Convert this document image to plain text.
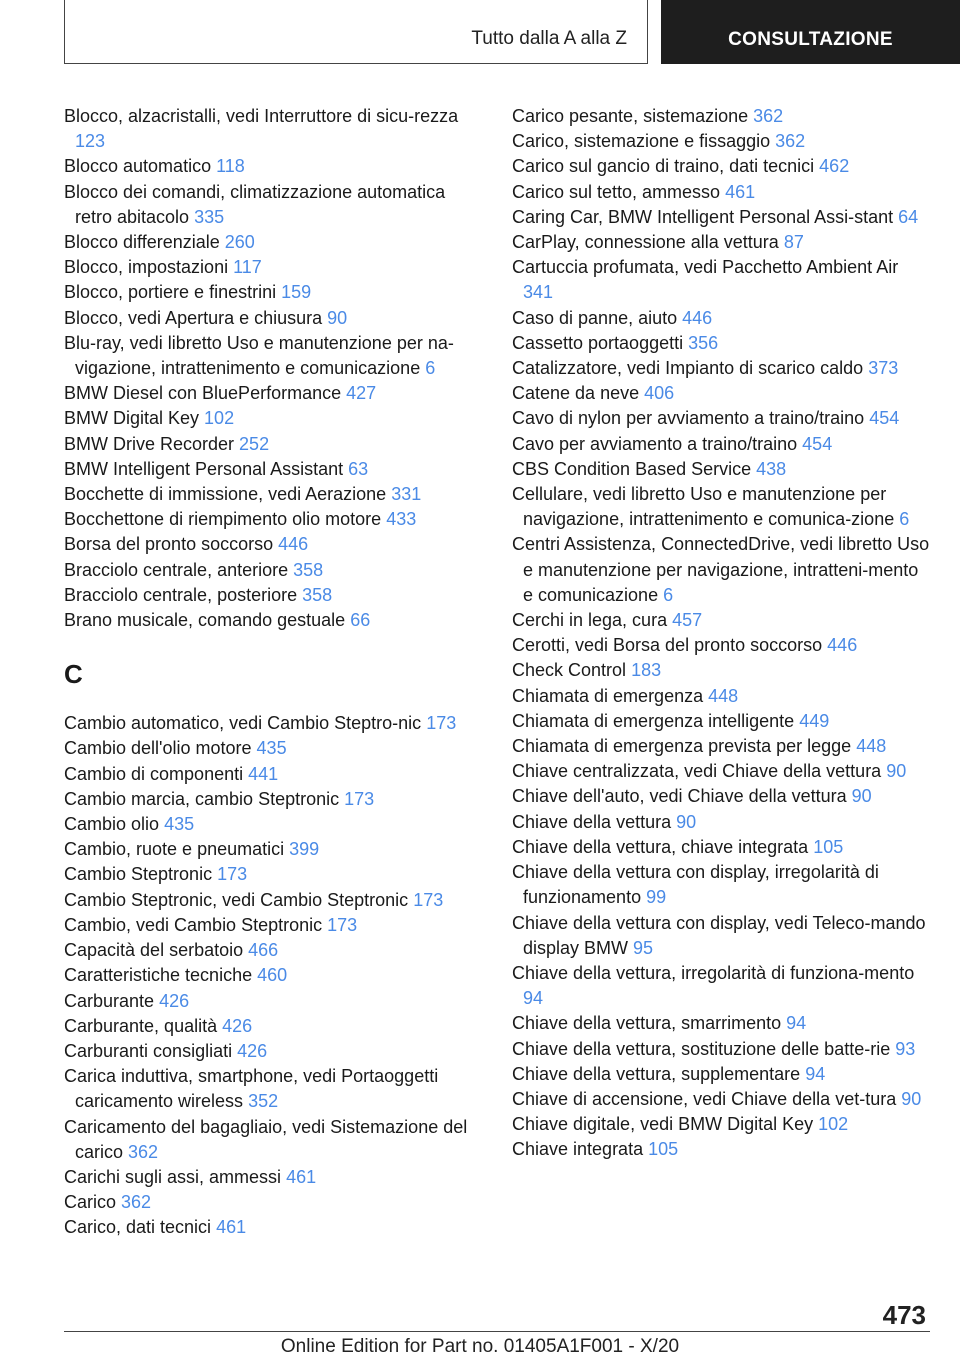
Tutto dalla A alla Z	CONSULTAZIONE

Blocco, alzacristalli, vedi Interruttore di sicu-rezza 123

Blocco automatico 118

Blocco dei comandi, climatizzazione automatica retro abitacolo 335

Blocco differenziale 260

Blocco, impostazioni 117

Blocco, portiere e finestrini 159

Blocco, vedi Apertura e chiusura 90

Blu-ray, vedi libretto Uso e manutenzione per na-vigazione, intrattenimento e comunicazione 6

BMW Diesel con BluePerformance 427

BMW Digital Key 102

BMW Drive Recorder 252

BMW Intelligent Personal Assistant 63

Bocchette di immissione, vedi Aerazione 331

Bocchettone di riempimento olio motore 433

Borsa del pronto soccorso 446

Bracciolo centrale, anteriore 358

Bracciolo centrale, posteriore 358

Brano musicale, comando gestuale 66

C

Cambio automatico, vedi Cambio Steptro-nic 173

Cambio dell'olio motore 435

Cambio di componenti 441

Cambio marcia, cambio Steptronic 173

Cambio olio 435

Cambio, ruote e pneumatici 399

Cambio Steptronic 173

Cambio Steptronic, vedi Cambio Steptronic 173

Cambio, vedi Cambio Steptronic 173

Capacità del serbatoio 466

Caratteristiche tecniche 460

Carburante 426

Carburante, qualità 426

Carburanti consigliati 426

Carica induttiva, smartphone, vedi Portaoggetti caricamento wireless 352

Caricamento del bagagliaio, vedi Sistemazione del carico 362

Carichi sugli assi, ammessi 461

Carico 362

Carico, dati tecnici 461

Carico pesante, sistemazione 362

Carico, sistemazione e fissaggio 362

Carico sul gancio di traino, dati tecnici 462

Carico sul tetto, ammesso 461

Caring Car, BMW Intelligent Personal Assi-stant 64

CarPlay, connessione alla vettura 87

Cartuccia profumata, vedi Pacchetto Ambient Air 341

Caso di panne, aiuto 446

Cassetto portaoggetti 356

Catalizzatore, vedi Impianto di scarico caldo 373

Catene da neve 406

Cavo di nylon per avviamento a traino/traino 454

Cavo per avviamento a traino/traino 454

CBS Condition Based Service 438

Cellulare, vedi libretto Uso e manutenzione per navigazione, intrattenimento e comunica-zione 6

Centri Assistenza, ConnectedDrive, vedi libretto Uso e manutenzione per navigazione, intratteni-mento e comunicazione 6

Cerchi in lega, cura 457

Cerotti, vedi Borsa del pronto soccorso 446

Check Control 183

Chiamata di emergenza 448

Chiamata di emergenza intelligente 449

Chiamata di emergenza prevista per legge 448

Chiave centralizzata, vedi Chiave della vettura 90

Chiave dell'auto, vedi Chiave della vettura 90

Chiave della vettura 90

Chiave della vettura, chiave integrata 105

Chiave della vettura con display, irregolarità di funzionamento 99

Chiave della vettura con display, vedi Teleco-mando display BMW 95

Chiave della vettura, irregolarità di funziona-mento 94

Chiave della vettura, smarrimento 94

Chiave della vettura, sostituzione delle batte-rie 93

Chiave della vettura, supplementare 94

Chiave di accensione, vedi Chiave della vet-tura 90

Chiave digitale, vedi BMW Digital Key 102

Chiave integrata 105

473
Online Edition for Part no. 01405A1F001 - X/20
